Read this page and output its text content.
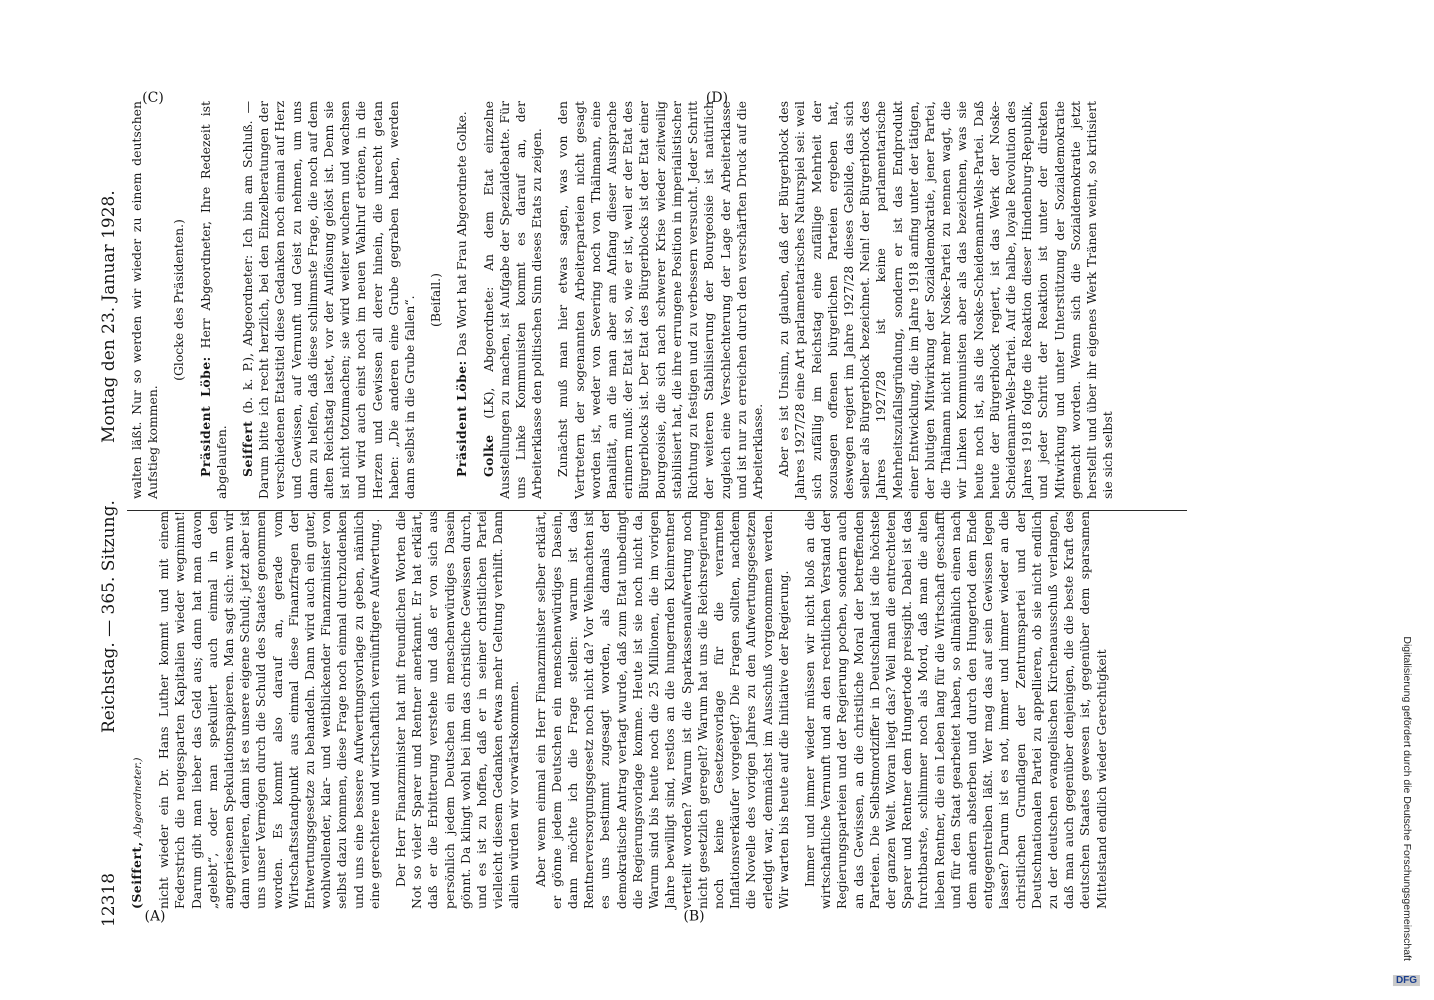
12318
Reichstag. — 365. Sitzung.
Montag den 23. Januar 1928.
(A)	(B)
(C)	(D)

(Seiffert, Abgeordneter.) nicht wieder ein Dr. Hans Luther kommt und mit einem Federstrich die neugesparten Kapitalien wieder wegnimmt! Darum gibt man lieber das Geld aus; dann hat man davon „gelebt“, oder man spekuliert auch einmal in den angepriesenen Spekulationspapieren. Man sagt sich: wenn wir dann verlieren, dann ist es unsere eigene Schuld; jetzt aber ist uns unser Vermögen durch die Schuld des Staates genommen worden. Es kommt also darauf an, gerade vom Wirtschaftsstandpunkt aus einmal diese Finanzfragen der Entwertungsgesetze zu behandeln. Dann wird auch ein guter, wohlwollender, klar- und weitblickender Finanzminister von selbst dazu kommen, diese Frage noch einmal durchzudenken und uns eine bessere Aufwertungsvorlage zu geben, nämlich eine gerechtere und wirtschaftlich vernünftigere Aufwertung. Der Herr Finanzminister hat mit freundlichen Worten die Not so vieler Sparer und Rentner anerkannt. Er hat erklärt, daß er die Erbitterung verstehe und daß er von sich aus persönlich jedem Deutschen ein menschenwürdiges Dasein gönnt. Da klingt wohl bei ihm das christliche Gewissen durch, und es ist zu hoffen, daß er in seiner christlichen Partei vielleicht diesem Gedanken etwas mehr Geltung verhilft. Dann allein würden wir vorwärtskommen. Aber wenn einmal ein Herr Finanzminister selber erklärt, er gönne jedem Deutschen ein menschenwürdiges Dasein, dann möchte ich die Frage stellen: warum ist das Rentnerversorgungsgesetz noch nicht da? Vor Weihnachten ist es uns bestimmt zugesagt worden, als damals der demokratische Antrag vertagt wurde, daß zum Etat unbedingt die Regierungsvorlage komme. Heute ist sie noch nicht da. Warum sind bis heute noch die 25 Millionen, die im vorigen Jahre bewilligt sind, restlos an die hungernden Kleinrentner verteilt worden? Warum ist die Sparkassenaufwertung noch nicht gesetzlich geregelt? Warum hat uns die Reichsregierung noch keine Gesetzesvorlage für die verarmten Inflationsverkäufer vorgelegt? Die Fragen sollten, nachdem die Novelle des vorigen Jahres zu den Aufwertungsgesetzen erledigt war, demnächst im Ausschuß vorgenommen werden. Wir warten bis heute auf die Initiative der Regierung. Immer und immer wieder müssen wir nicht bloß an die wirtschaftliche Vernunft und an den rechtlichen Verstand der Regierungsparteien und der Regierung pochen, sondern auch an das Gewissen, an die christliche Moral der betreffenden Parteien. Die Selbstmordziffer in Deutschland ist die höchste der ganzen Welt. Woran liegt das? Weil man die entrechteten Sparer und Rentner dem Hungertode preisgibt. Dabei ist das furchtbarste, schlimmer noch als Mord, daß man die alten lieben Rentner, die ein Leben lang für die Wirtschaft geschafft und für den Staat gearbeitet haben, so allmählich einen nach dem andern absterben und durch den Hungertod dem Ende entgegentreiben läßt. Wer mag das auf sein Gewissen legen lassen? Darum ist es not, immer und immer wieder an die christlichen Grundlagen der Zentrumspartei und der Deutschnationalen Partei zu appellieren, ob sie nicht endlich zu der deutschen evangelischen Kirchenausschuß verlangen, daß man auch gegenüber denjenigen, die die beste Kraft des deutschen Staates gewesen ist, gegenüber dem sparsamen Mittelstand endlich wieder Gerechtigkeit

walten läßt. Nur so werden wir wieder zu einem deutschen Aufstieg kommen.

(Glocke des Präsidenten.)

Präsident Löbe: Herr Abgeordneter, Ihre Redezeit ist abgelaufen. Seiffert (b. k. P.), Abgeordneter: Ich bin am Schluß. — Darum bitte ich recht herzlich, bei den Einzelberatungen der verschiedenen Etatstitel diese Gedanken noch einmal auf Herz und Gewissen, auf Vernunft und Geist zu nehmen, um uns dann zu helfen, daß diese schlimmste Frage, die noch auf dem alten Reichstag lastet, vor der Auflösung gelöst ist. Denn sie ist nicht totzumachen; sie wird weiter wuchern und wachsen und wird auch einst noch im neuen Wahlruf ertönen, in die Herzen und Gewissen all derer hinein, die unrecht getan haben: „Die anderen eine Grube gegraben haben, werden dann selbst in die Grube fallen“. (Beifall.)

Präsident Löbe: Das Wort hat Frau Abgeordnete Golke.

Golke (LK), Abgeordnete: An dem Etat einzelne Ausstellungen zu machen, ist Aufgabe der Spezialdebatte. Für uns Linke Kommunisten kommt es darauf an, der Arbeiterklasse den politischen Sinn dieses Etats zu zeigen. Zunächst muß man hier etwas sagen, was von den Vertretern der sogenannten Arbeiterparteien nicht gesagt worden ist, weder von Severing noch von Thälmann, eine Banalität, an die man aber am Anfang dieser Aussprache erinnern muß: der Etat ist so, wie er ist, weil er der Etat des Bürgerblocks ist. Der Etat des Bürgerblocks ist der Etat einer Bourgeoisie, die sich nach schwerer Krise wieder zeitweilig stabilisiert hat, die ihre errungene Position in imperialistischer Richtung zu festigen und zu verbessern versucht. Jeder Schritt der weiteren Stabilisierung der Bourgeoisie ist natürlich zugleich eine Verschlechterung der Lage der Arbeiterklasse und ist nur zu erreichen durch den verschärften Druck auf die Arbeiterklasse. Aber es ist Unsinn, zu glauben, daß der Bürgerblock des Jahres 1927/28 eine Art parlamentarisches Naturspiel sei: weil sich zufällig im Reichstag eine zufällige Mehrheit der sozusagen offenen bürgerlichen Parteien ergeben hat, deswegen regiert im Jahre 1927/28 dieses Gebilde, das sich selber als Bürgerblock bezeichnet. Nein! der Bürgerblock des Jahres 1927/28 ist keine parlamentarische Mehrheitszufallsgründung, sondern er ist das Endprodukt einer Entwicklung, die im Jahre 1918 anfing unter der tätigen, der blutigen Mitwirkung der Sozialdemokratie, jener Partei, die Thälmann nicht mehr Noske-Partei zu nennen wagt, die wir Linken Kommunisten aber als das bezeichnen, was sie heute noch ist, als die Noske-Scheidemann-Wels-Partei. Daß heute der Bürgerblock regiert, ist das Werk der Noske-Scheidemann-Wels-Partei. Auf die halbe, loyale Revolution des Jahres 1918 folgte die Reaktion dieser Hindenburg-Republik, und jeder Schritt der Reaktion ist unter der direkten Mitwirkung und unter Unterstützung der Sozialdemokratie gemacht worden. Wenn sich die Sozialdemokratie jetzt herstellt und über ihr eigenes Werk Tränen weint, so kritisiert sie sich selbst

Digitalisierung gefördert durch die Deutsche Forschungsgemeinschaft
DFG
